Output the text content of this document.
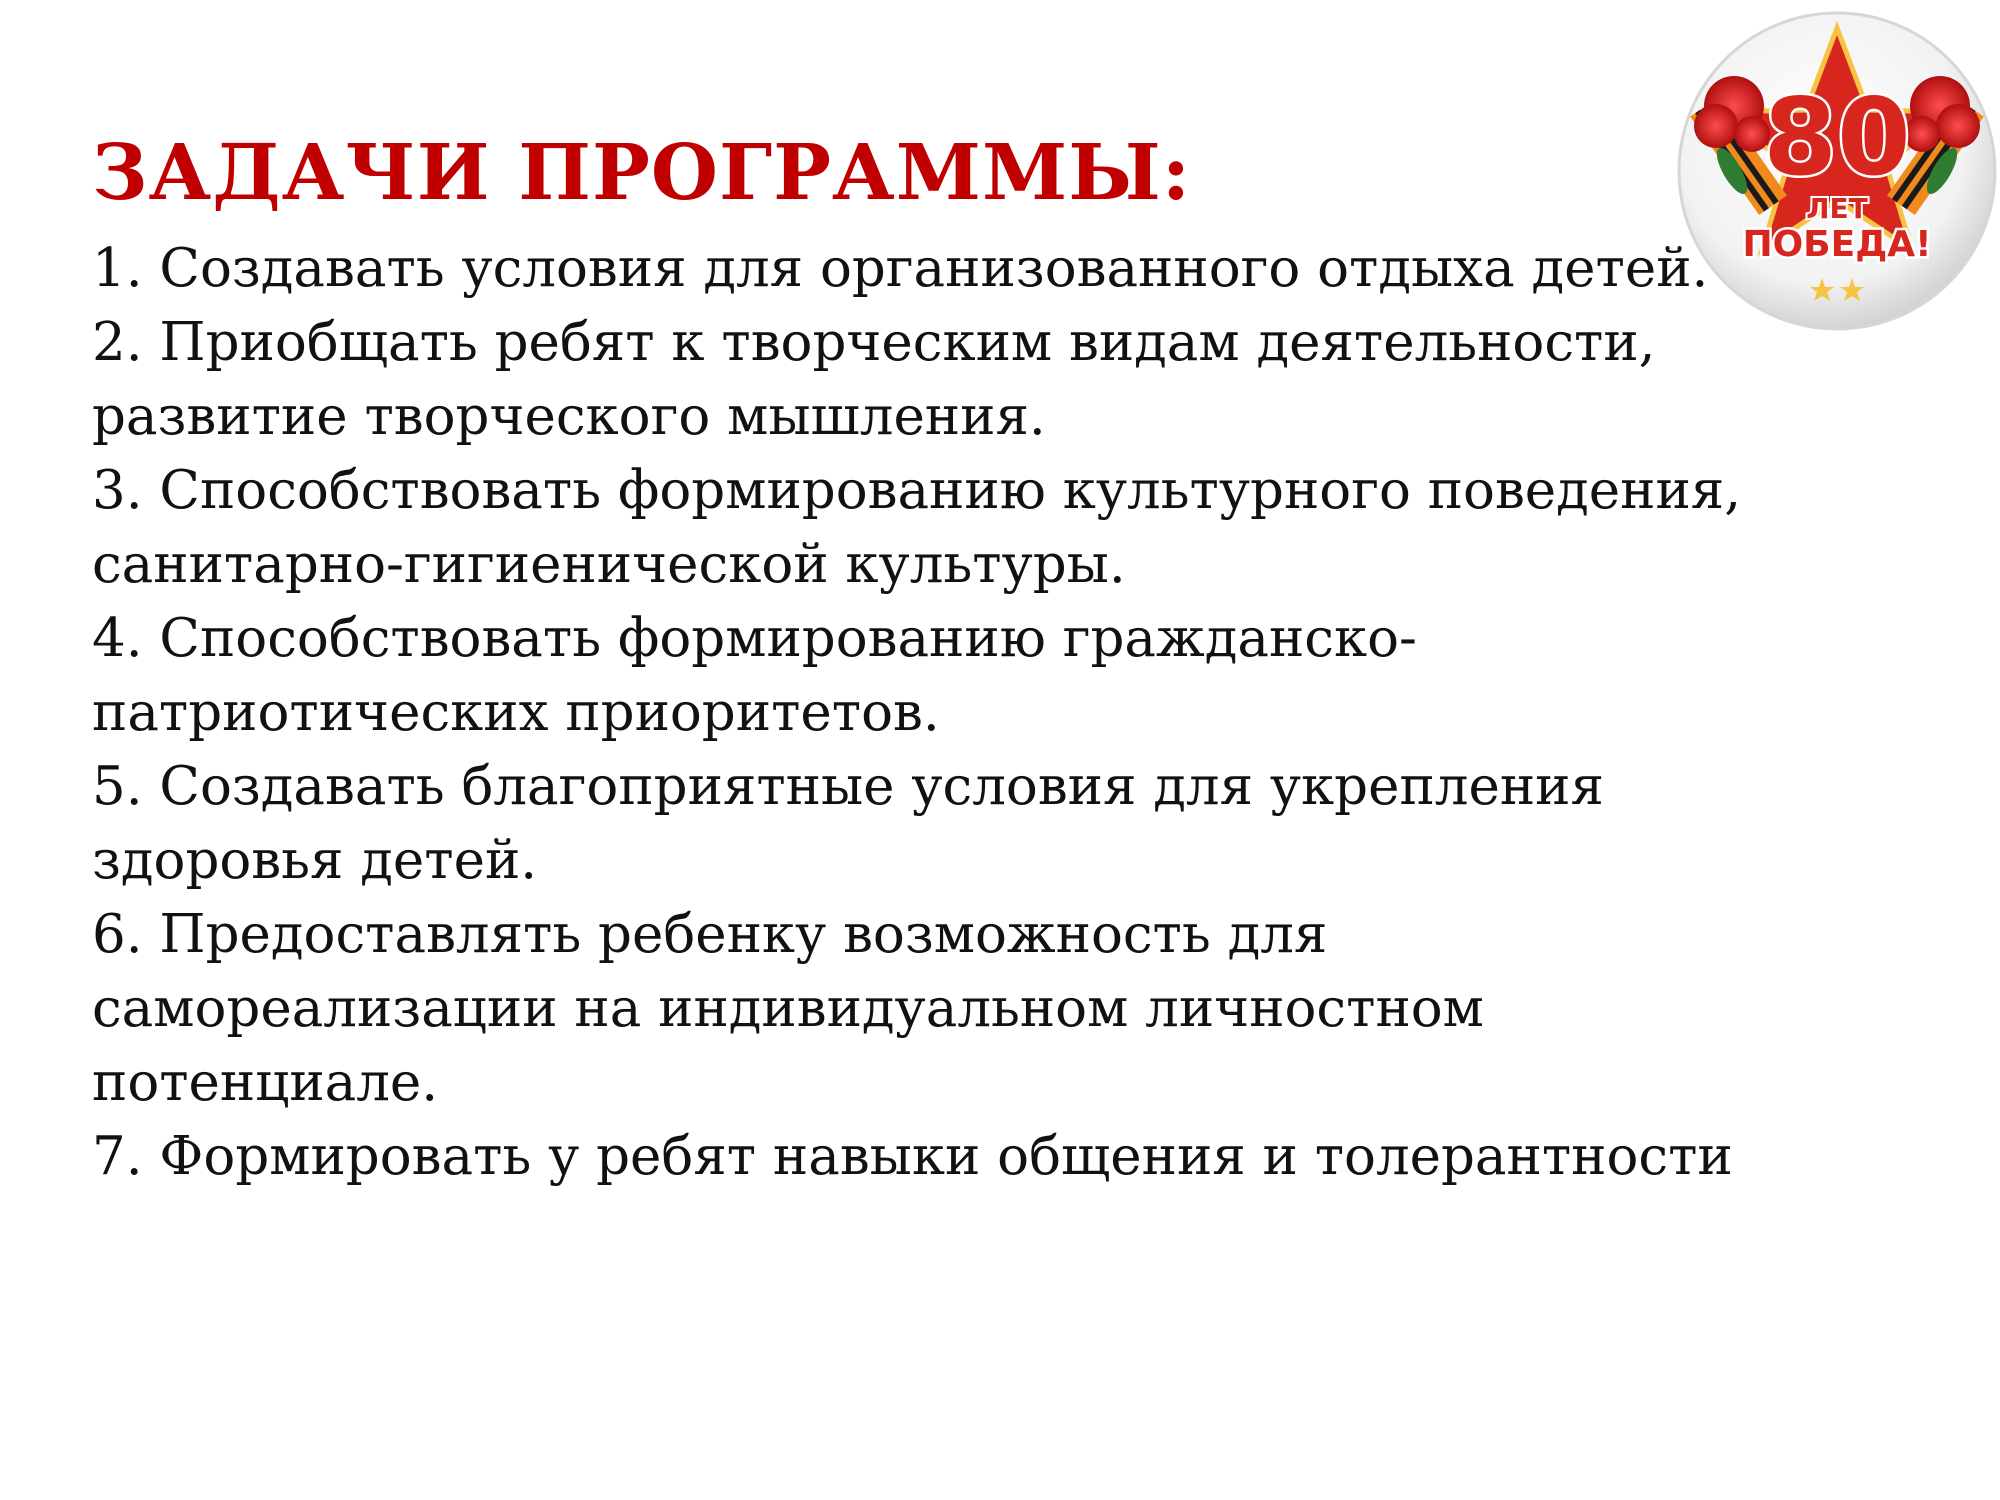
ЗАДАЧИ ПРОГРАММЫ:
1. Создавать условия для организованного отдыха детей.
2. Приобщать ребят к творческим видам деятельности, развитие творческого мышления.
3. Способствовать формированию культурного поведения, санитарно-гигиенической культуры.
4. Способствовать формированию гражданско-патриотических приоритетов.
5. Создавать благоприятные условия для укрепления здоровья детей.
6. Предоставлять ребенку возможность для самореализации на индивидуальном личностном потенциале.
7. Формировать у ребят навыки общения и толерантности
80
ЛЕТ
ПОБЕДА!
